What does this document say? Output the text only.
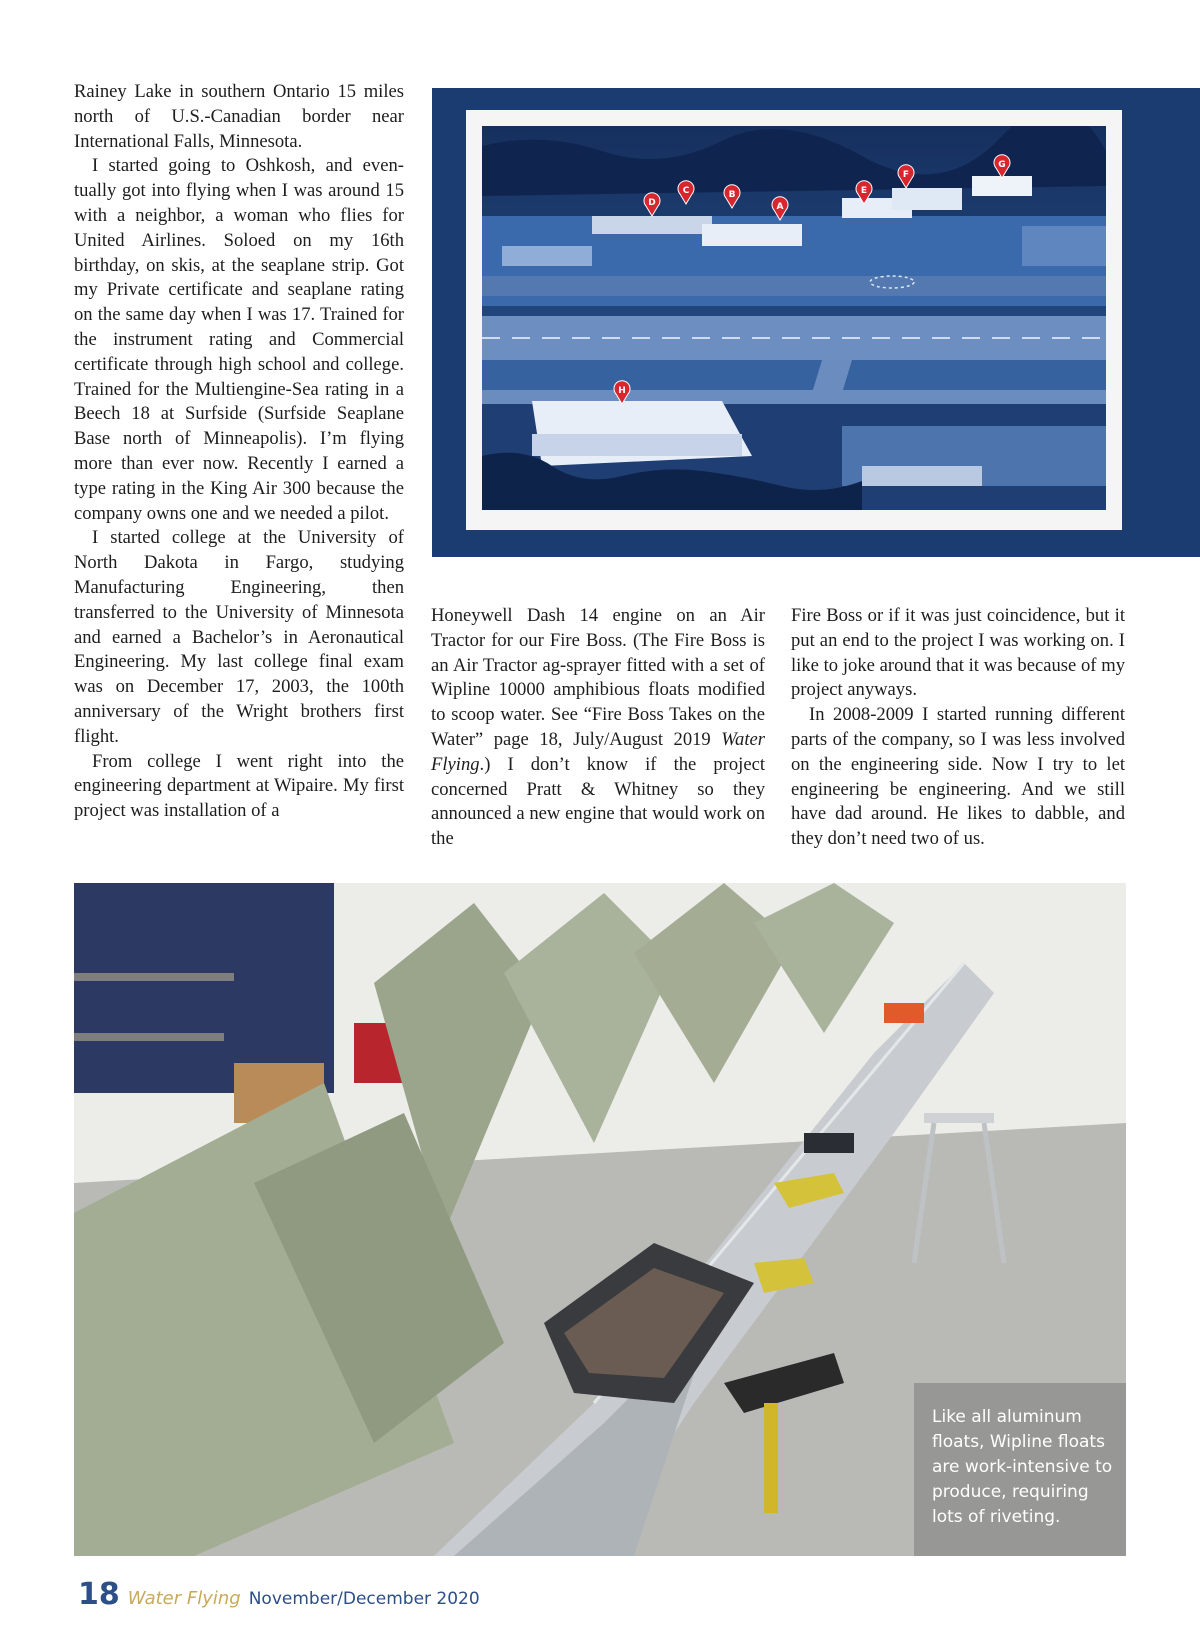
Rainey Lake in southern Ontario 15 miles north of U.S.-Canadian border near International Falls, Minnesota.

I started going to Oshkosh, and eventually got into flying when I was around 15 with a neighbor, a woman who flies for United Airlines. Soloed on my 16th birthday, on skis, at the seaplane strip. Got my Private certificate and seaplane rating on the same day when I was 17. Trained for the instrument rating and Commercial certificate through high school and college. Trained for the Multiengine-Sea rating in a Beech 18 at Surfside (Surfside Seaplane Base north of Minneapolis). I’m flying more than ever now. Recently I earned a type rating in the King Air 300 because the company owns one and we needed a pilot.

I started college at the University of North Dakota in Fargo, studying Manufacturing Engineering, then transferred to the University of Minnesota and earned a Bachelor’s in Aeronautical Engineering. My last college final exam was on December 17, 2003, the 100th anniversary of the Wright brothers first flight.

From college I went right into the engineering department at Wipaire. My first project was installation of a

A
B
C
D
E
F
G
H

Honeywell Dash 14 engine on an Air Tractor for our Fire Boss. (The Fire Boss is an Air Tractor ag-sprayer fitted with a set of Wipline 10000 amphibious floats modified to scoop water. See “Fire Boss Takes on the Water” page 18, July/August 2019 Water Flying.) I don’t know if the project concerned Pratt & Whitney so they announced a new engine that would work on the

Fire Boss or if it was just coincidence, but it put an end to the project I was working on. I like to joke around that it was because of my project anyways.

In 2008-2009 I started running different parts of the company, so I was less involved on the engineering side. Now I try to let engineering be engineering. And we still have dad around. He likes to dabble, and they don’t need two of us.

Like all aluminum floats, Wipline floats are work-intensive to produce, requiring lots of riveting.
18 Water Flying November/December 2020
